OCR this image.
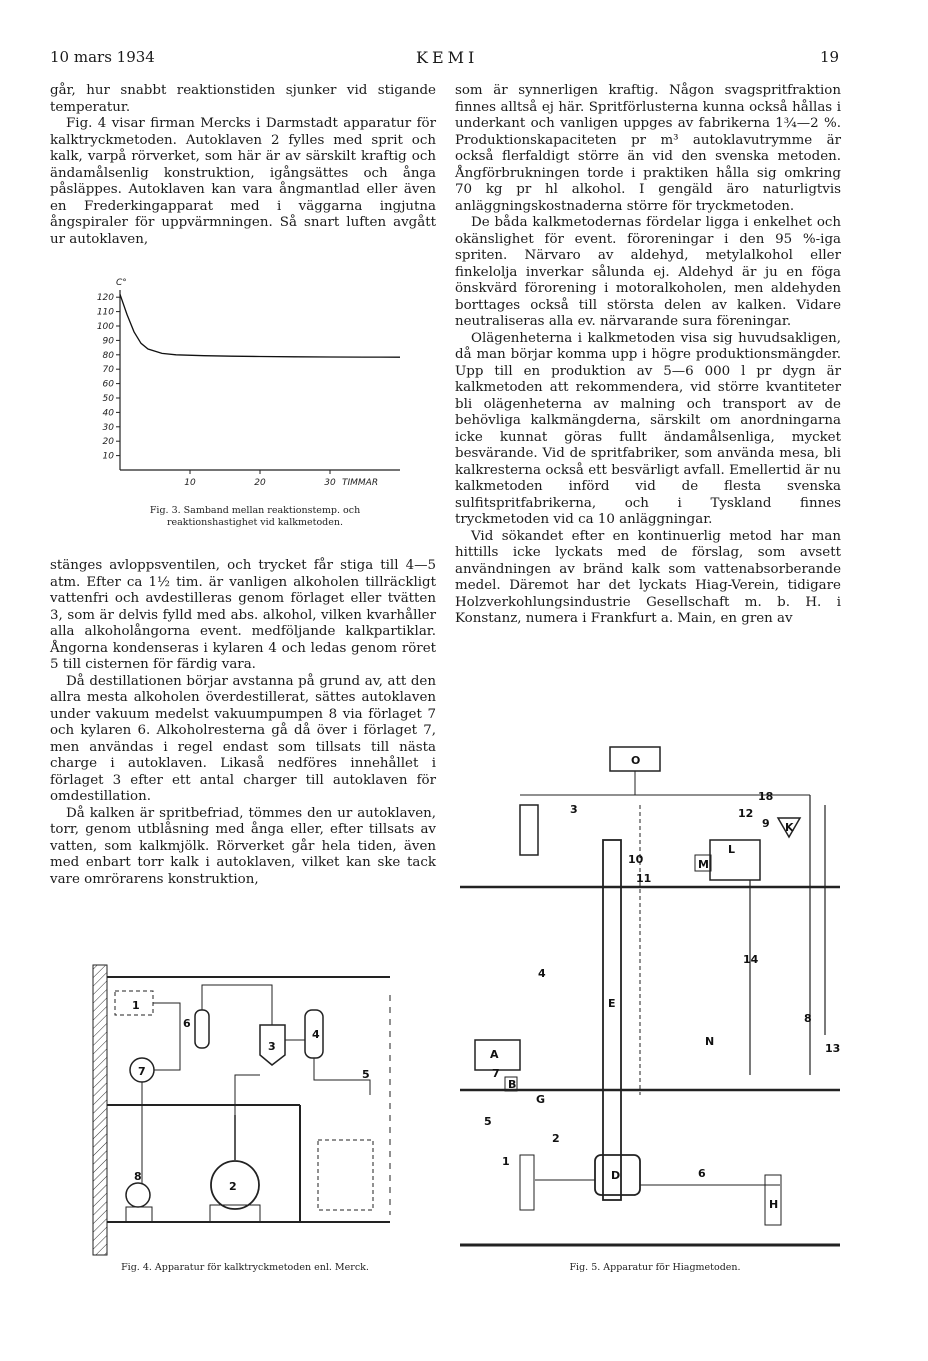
10 mars 1934	KEMI	19

går, hur snabbt reaktionstiden sjunker vid stigande temperatur.

Fig. 4 visar firman Mercks i Darmstadt apparatur för kalktryckmetoden. Autoklaven 2 fylles med sprit och kalk, varpå rörverket, som här är av särskilt kraftig och ändamålsenlig konstruktion, igångsättes och ånga påsläppes. Autoklaven kan vara ångmantlad eller även en Frederkingapparat med i väggarna ingjutna ångspiraler för uppvärmningen. Så snart luften avgått ur autoklaven,

C°
120
110
100
90
80
70
60
50
40
30
20
10
10	20	30 TIMMAR
Fig. 3. Samband mellan reaktionstemp. och reaktionshastighet vid kalkmetoden.

stänges avloppsventilen, och trycket får stiga till 4—5 atm. Efter ca 1½ tim. är vanligen alkoholen tillräckligt vattenfri och avdestilleras genom förlaget eller tvätten 3, som är delvis fylld med abs. alkohol, vilken kvarhåller alla alkoholångorna event. medföljande kalkpartiklar. Ångorna kondenseras i kylaren 4 och ledas genom röret 5 till cisternen för färdig vara.

Då destillationen börjar avstanna på grund av, att den allra mesta alkoholen överdestillerat, sättes autoklaven under vakuum medelst vakuumpumpen 8 via förlaget 7 och kylaren 6. Alkoholresterna gå då över i förlaget 7, men användas i regel endast som tillsats till nästa charge i autoklaven. Likaså nedföres innehållet i förlaget 3 efter ett antal charger till autoklaven för omdestillation.

Då kalken är spritbefriad, tömmes den ur autoklaven, torr, genom utblåsning med ånga eller, efter tillsats av vatten, som kalkmjölk. Rörverket går hela tiden, även med enbart torr kalk i autoklaven, vilket kan ske tack vare omrörarens konstruktion,

som är synnerligen kraftig. Någon svagspritfraktion finnes alltså ej här. Spritförlusterna kunna också hållas i underkant och vanligen uppges av fabrikerna 1¾—2 %. Produktionskapaciteten pr m³ autoklavutrymme är också flerfaldigt större än vid den svenska metoden. Ångförbrukningen torde i praktiken hålla sig omkring 70 kg pr hl alkohol. I gengäld äro naturligtvis anläggningskostnaderna större för tryckmetoden.

De båda kalkmetodernas fördelar ligga i enkelhet och okänslighet för event. föroreningar i den 95 %-iga spriten. Närvaro av aldehyd, metylalkohol eller finkelolja inverkar sålunda ej. Aldehyd är ju en föga önskvärd förorening i motoralkoholen, men aldehyden borttages också till största delen av kalken. Vidare neutraliseras alla ev. närvarande sura föreningar.

Olägenheterna i kalkmetoden visa sig huvudsakligen, då man börjar komma upp i högre produktionsmängder. Upp till en produktion av 5—6 000 l pr dygn är kalkmetoden att rekommendera, vid större kvantiteter bli olägenheterna av malning och transport av de behövliga kalkmängderna, särskilt om anordningarna icke kunnat göras fullt ändamålsenliga, mycket besvärande. Vid de spritfabriker, som använda mesa, bli kalkresterna också ett besvärligt avfall. Emellertid är nu kalkmetoden införd vid de flesta svenska sulfitspritfabrikerna, och i Tyskland finnes tryckmetoden vid ca 10 anläggningar.

Vid sökandet efter en kontinuerlig metod har man hittills icke lyckats med de förslag, som avsett användningen av bränd kalk som vattenabsorberande medel. Däremot har det lyckats Hiag-Verein, tidigare Holzverkohlungsindustrie Gesellschaft m. b. H. i Konstanz, numera i Frankfurt a. Main, en gren av

1
2
3
4
5
6
7
8
Fig. 4. Apparatur för kalktryckmetoden enl. Merck.
O
3
10
11
M
L
K
9
12
13
18
14
8
E
4
A
7
B
G
N
5
2
D
1
6
H
Fig. 5. Apparatur för Hiagmetoden.
